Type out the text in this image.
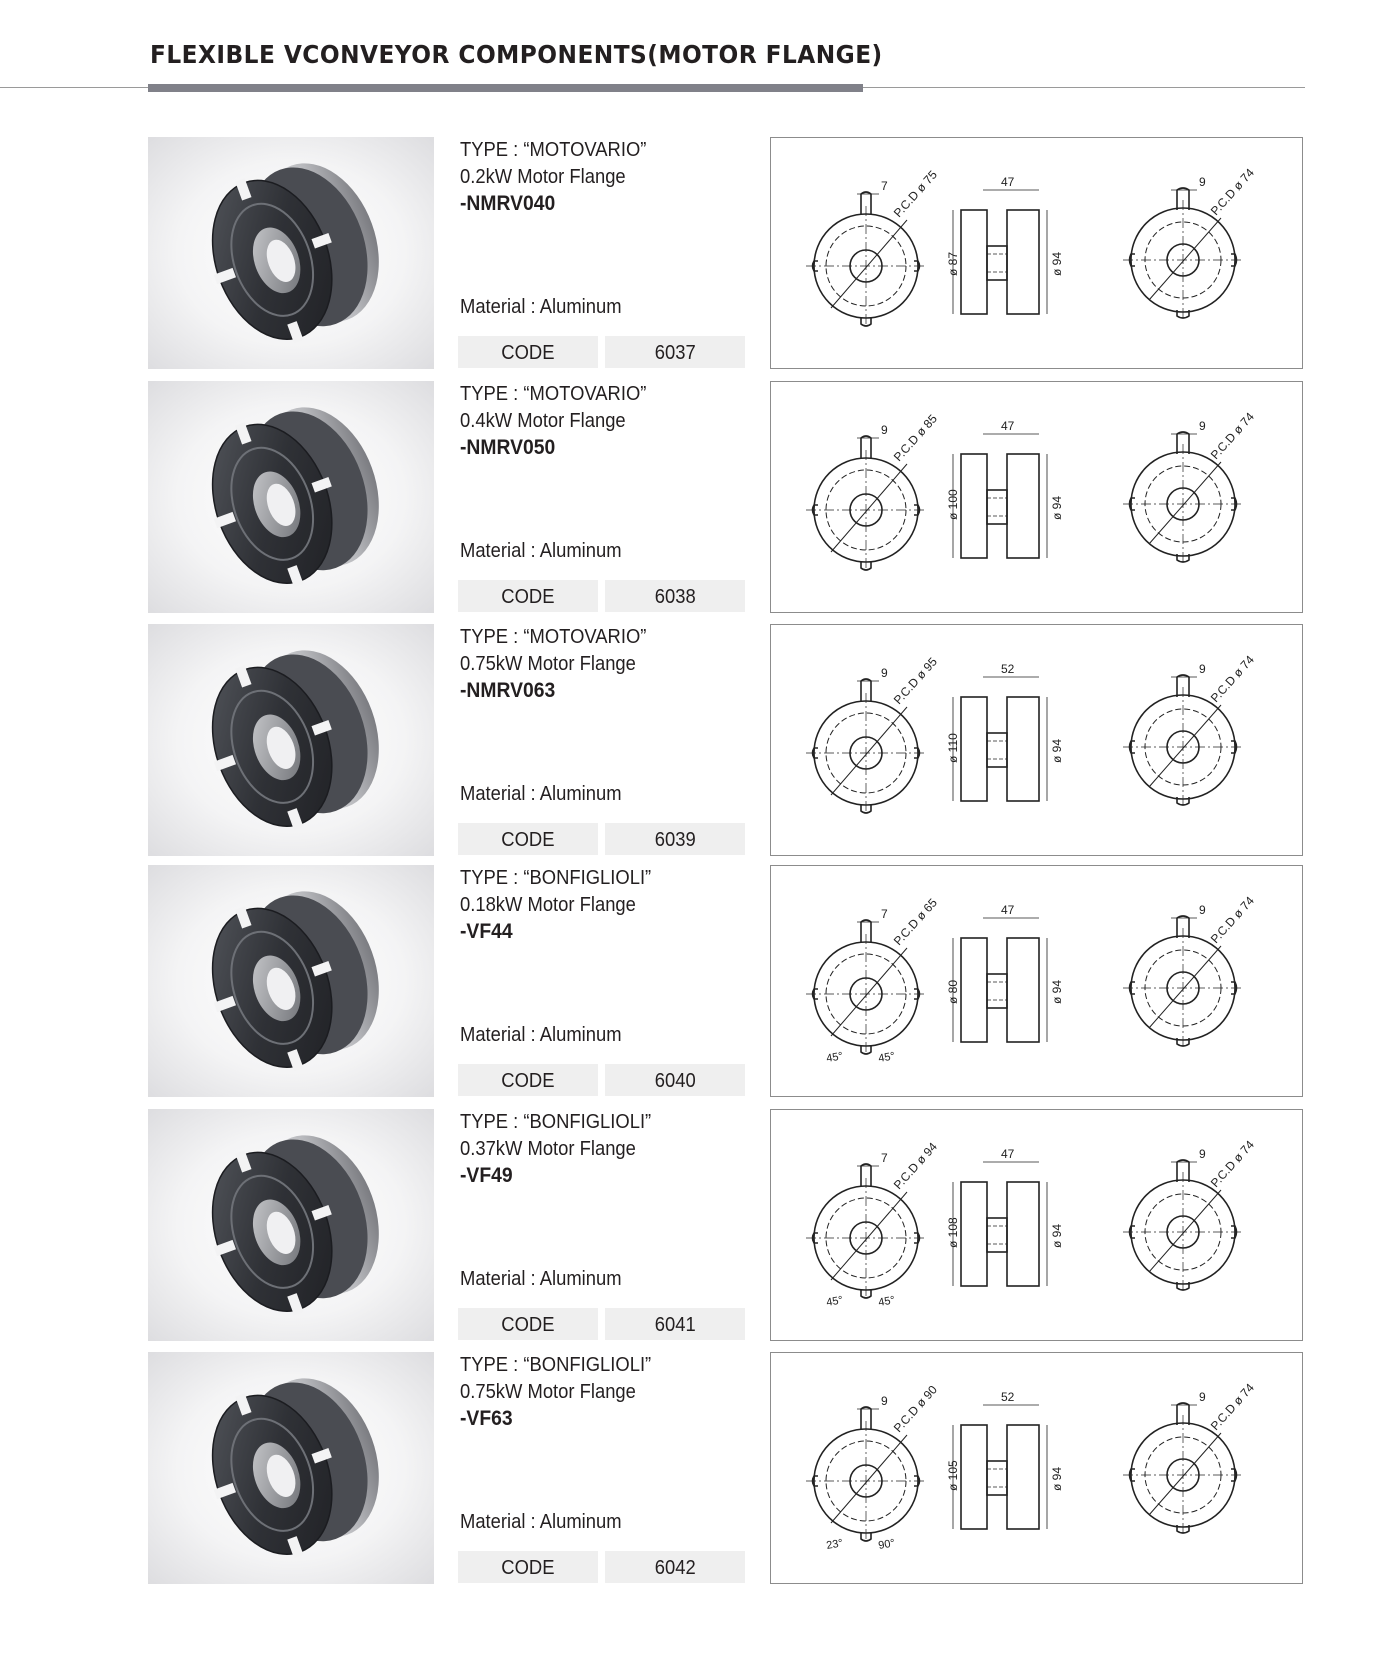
FLEXIBLE VCONVEYOR COMPONENTS(MOTOR FLANGE)
TYPE : “MOTOVARIO”
0.2kW Motor Flange
-NMRV040
Material : Aluminum
CODE	6037
7 P.C.D ø 75	47
ø 87	ø 94
9 P.C.D ø 74
TYPE : “MOTOVARIO”
0.4kW Motor Flange
-NMRV050
Material : Aluminum
CODE	6038
9 P.C.D ø 85	47
ø 100	ø 94
9 P.C.D ø 74
TYPE : “MOTOVARIO”
0.75kW Motor Flange
-NMRV063
Material : Aluminum
CODE	6039
9 P.C.D ø 95	52
ø 110	ø 94
9 P.C.D ø 74
TYPE : “BONFIGLIOLI”
0.18kW Motor Flange
-VF44
Material : Aluminum
CODE	6040
7 P.C.D ø 65
45°	45°
47
ø 80	ø 94
9 P.C.D ø 74
TYPE : “BONFIGLIOLI”
0.37kW Motor Flange
-VF49
Material : Aluminum
CODE	6041
7 P.C.D ø 94
45°	45°
47
ø 108	ø 94
9 P.C.D ø 74
TYPE : “BONFIGLIOLI”
0.75kW Motor Flange
-VF63
Material : Aluminum
CODE	6042
9 P.C.D ø 90
23°	90°
52
ø 105	ø 94
9 P.C.D ø 74
